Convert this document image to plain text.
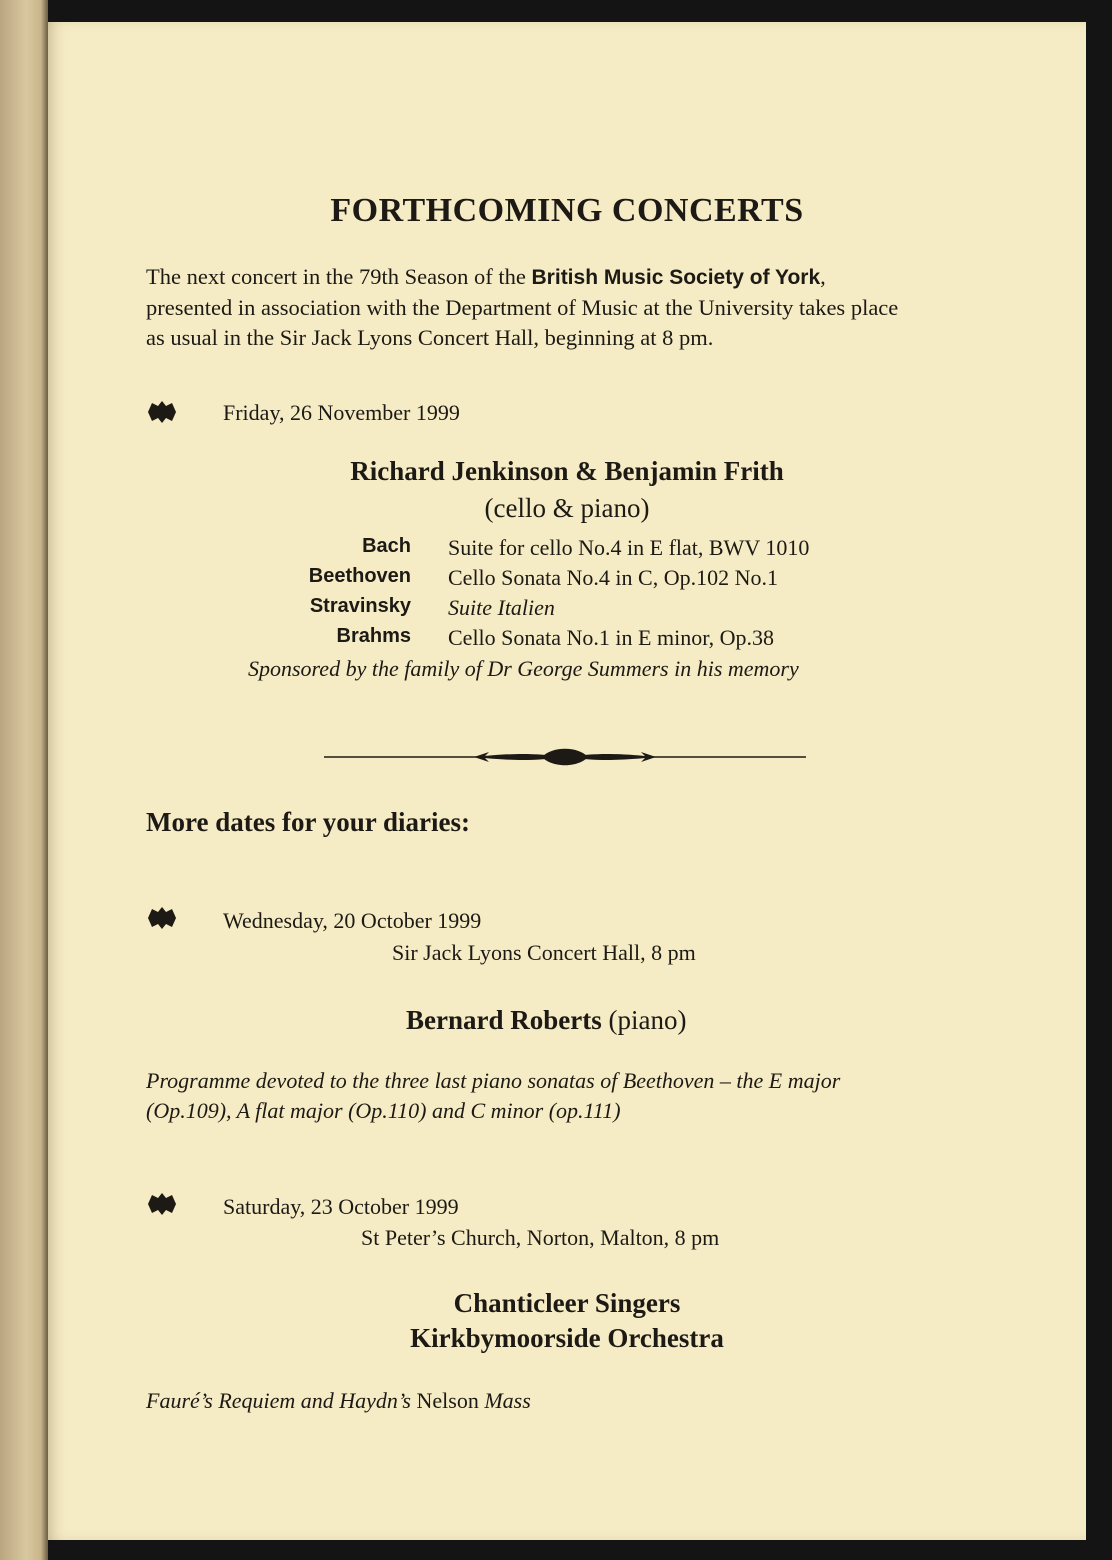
FORTHCOMING CONCERTS
The next concert in the 79th Season of the British Music Society of York,
presented in association with the Department of Music at the University takes place
as usual in the Sir Jack Lyons Concert Hall, beginning at 8 pm.
Friday, 26 November 1999
Richard Jenkinson & Benjamin Frith
(cello & piano)
Bach Suite for cello No.4 in E flat, BWV 1010
Beethoven Cello Sonata No.4 in C, Op.102 No.1
Stravinsky Suite Italien
Brahms Cello Sonata No.1 in E minor, Op.38
Sponsored by the family of Dr George Summers in his memory
More dates for your diaries:
Wednesday, 20 October 1999
Sir Jack Lyons Concert Hall, 8 pm
Bernard Roberts (piano)
Programme devoted to the three last piano sonatas of Beethoven – the E major
(Op.109), A flat major (Op.110) and C minor (op.111)
Saturday, 23 October 1999
St Peter’s Church, Norton, Malton, 8 pm
Chanticleer Singers
Kirkbymoorside Orchestra
Fauré’s Requiem and Haydn’s Nelson Mass
